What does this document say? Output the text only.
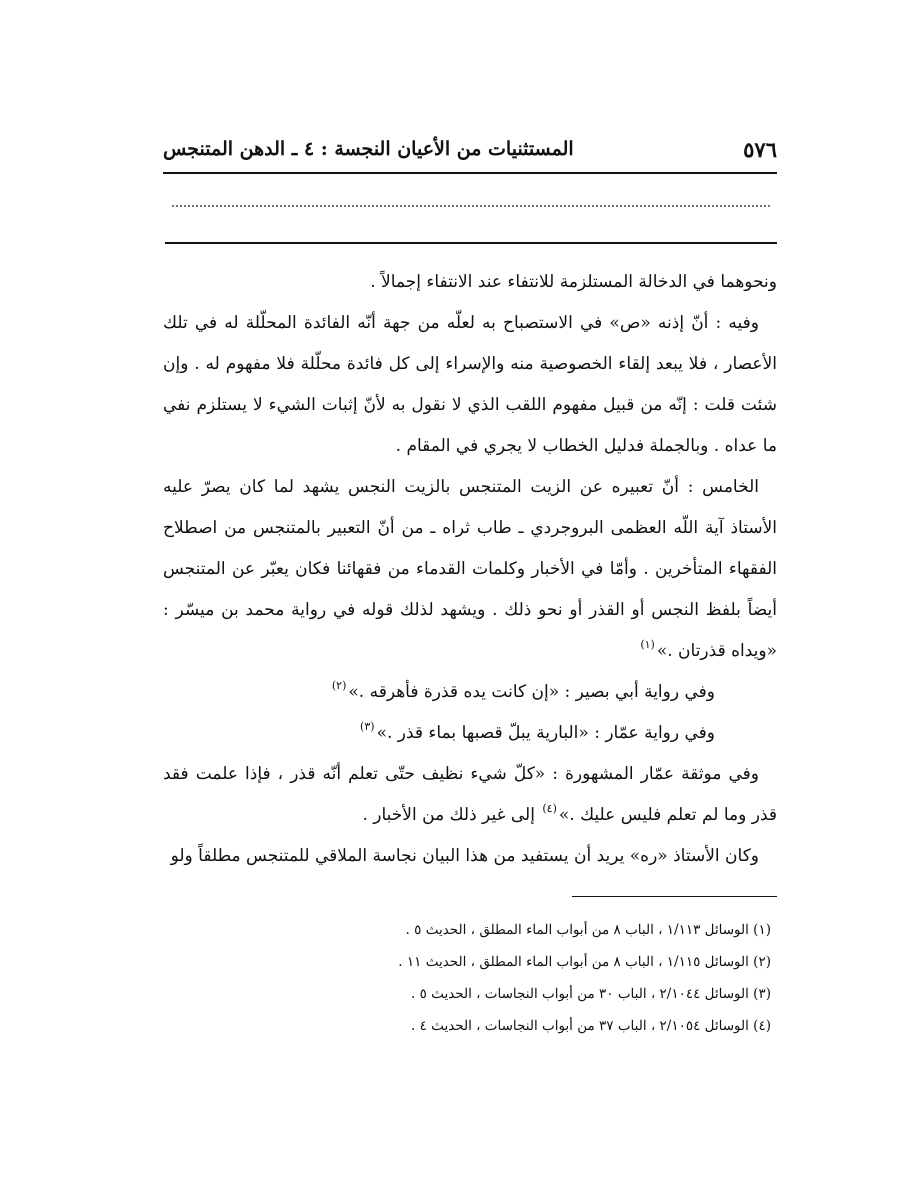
٥٧٦
المستثنيات من الأعيان النجسة : ٤ ـ الدهن المتنجس

ونحوهما في الدخالة المستلزمة للانتفاء عند الانتفاء إجمالاً .

وفيه : أنّ إذنه «ص» في الاستصباح به لعلّه من جهة أنّه الفائدة المحلّلة له في تلك الأعصار ، فلا يبعد إلقاء الخصوصية منه والإسراء إلى كل فائدة محلّلة فلا مفهوم له . وإن شئت قلت : إنّه من قبيل مفهوم اللقب الذي لا نقول به لأنّ إثبات الشيء لا يستلزم نفي ما عداه . وبالجملة فدليل الخطاب لا يجري في المقام .

الخامس : أنّ تعبيره عن الزيت المتنجس بالزيت النجس يشهد لما كان يصرّ عليه الأستاذ آية اللّه العظمى البروجردي ـ طاب ثراه ـ من أنّ التعبير بالمتنجس من اصطلاح الفقهاء المتأخرين . وأمّا في الأخبار وكلمات القدماء من فقهائنا فكان يعبّر عن المتنجس أيضاً بلفظ النجس أو القذر أو نحو ذلك . ويشهد لذلك قوله في رواية محمد بن ميسّر : «ويداه قذرتان .»$^{(١)}$

وفي رواية أبي بصير : «إن كانت يده قذرة فأهرقه .»$^{(٢)}$

وفي رواية عمّار : «البارية يبلّ قصبها بماء قذر .»$^{(٣)}$

وفي موثقة عمّار المشهورة : «كلّ شيء نظيف حتّى تعلم أنّه قذر ، فإذا علمت فقد قذر وما لم تعلم فليس عليك .»$^{(٤)}$ إلى غير ذلك من الأخبار .

وكان الأستاذ «ره» يريد أن يستفيد من هذا البيان نجاسة الملاقي للمتنجس مطلقاً ولو

(١) الوسائل ١/١١٣ ، الباب ٨ من أبواب الماء المطلق ، الحديث ٥ .
(٢) الوسائل ١/١١٥ ، الباب ٨ من أبواب الماء المطلق ، الحديث ١١ .
(٣) الوسائل ٢/١٠٤٤ ، الباب ٣٠ من أبواب النجاسات ، الحديث ٥ .
(٤) الوسائل ٢/١٠٥٤ ، الباب ٣٧ من أبواب النجاسات ، الحديث ٤ .
